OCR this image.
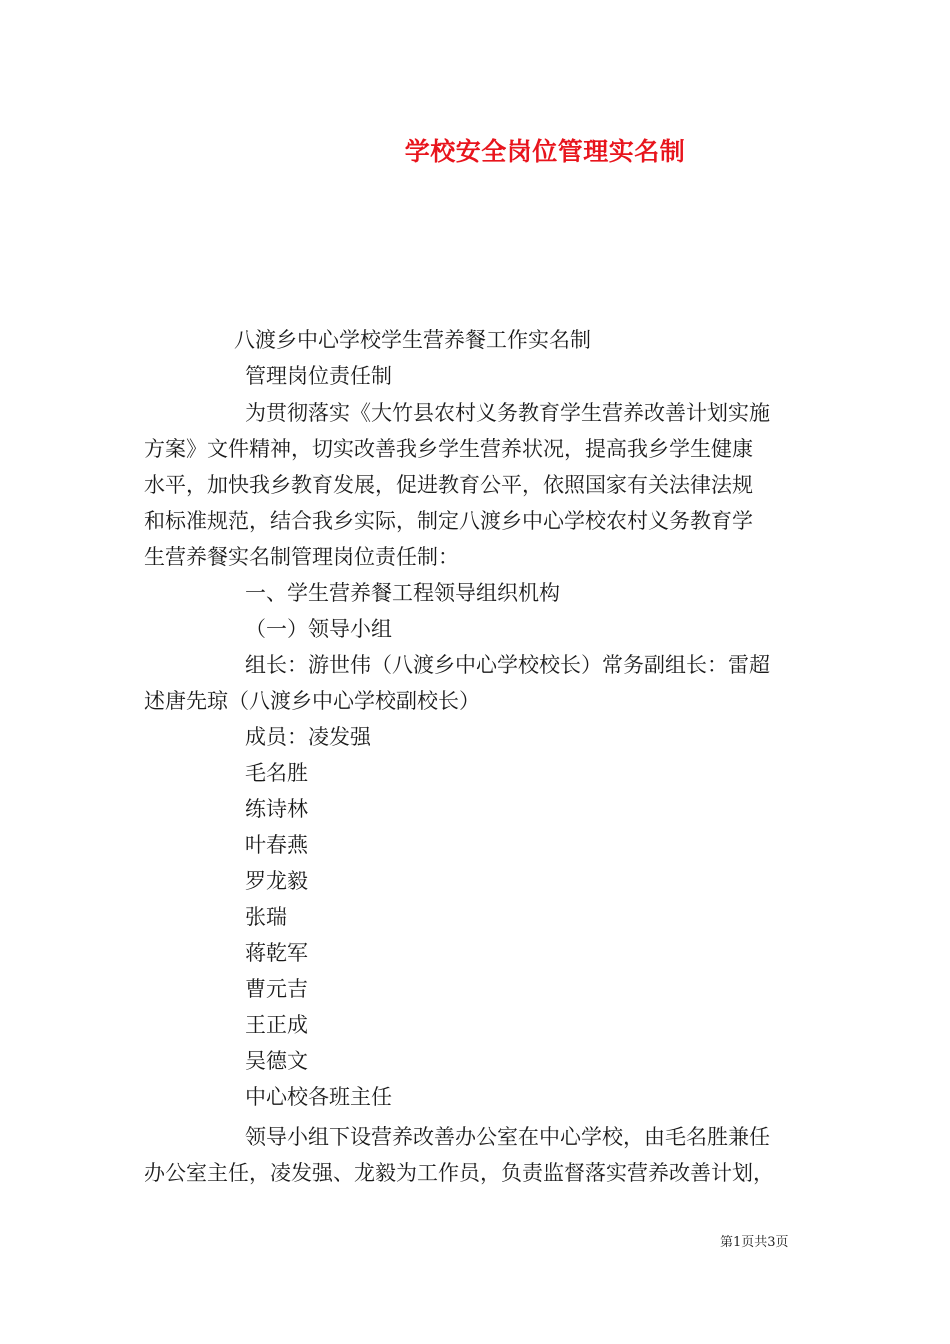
学校安全岗位管理实名制
八渡乡中心学校学生营养餐工作实名制
管理岗位责任制
为贯彻落实《大竹县农村义务教育学生营养改善计划实施
方案》文件精神，切实改善我乡学生营养状况，提高我乡学生健康
水平，加快我乡教育发展，促进教育公平，依照国家有关法律法规
和标准规范，结合我乡实际，制定八渡乡中心学校农村义务教育学
生营养餐实名制管理岗位责任制：
一、学生营养餐工程领导组织机构
（一）领导小组
组长：游世伟（八渡乡中心学校校长）常务副组长：雷超
述唐先琼（八渡乡中心学校副校长）
成员：凌发强
毛名胜
练诗林
叶春燕
罗龙毅
张瑞
蒋乾军
曹元吉
王正成
吴德文
中心校各班主任
领导小组下设营养改善办公室在中心学校，由毛名胜兼任
办公室主任，凌发强、龙毅为工作员，负责监督落实营养改善计划，
第1页共3页
